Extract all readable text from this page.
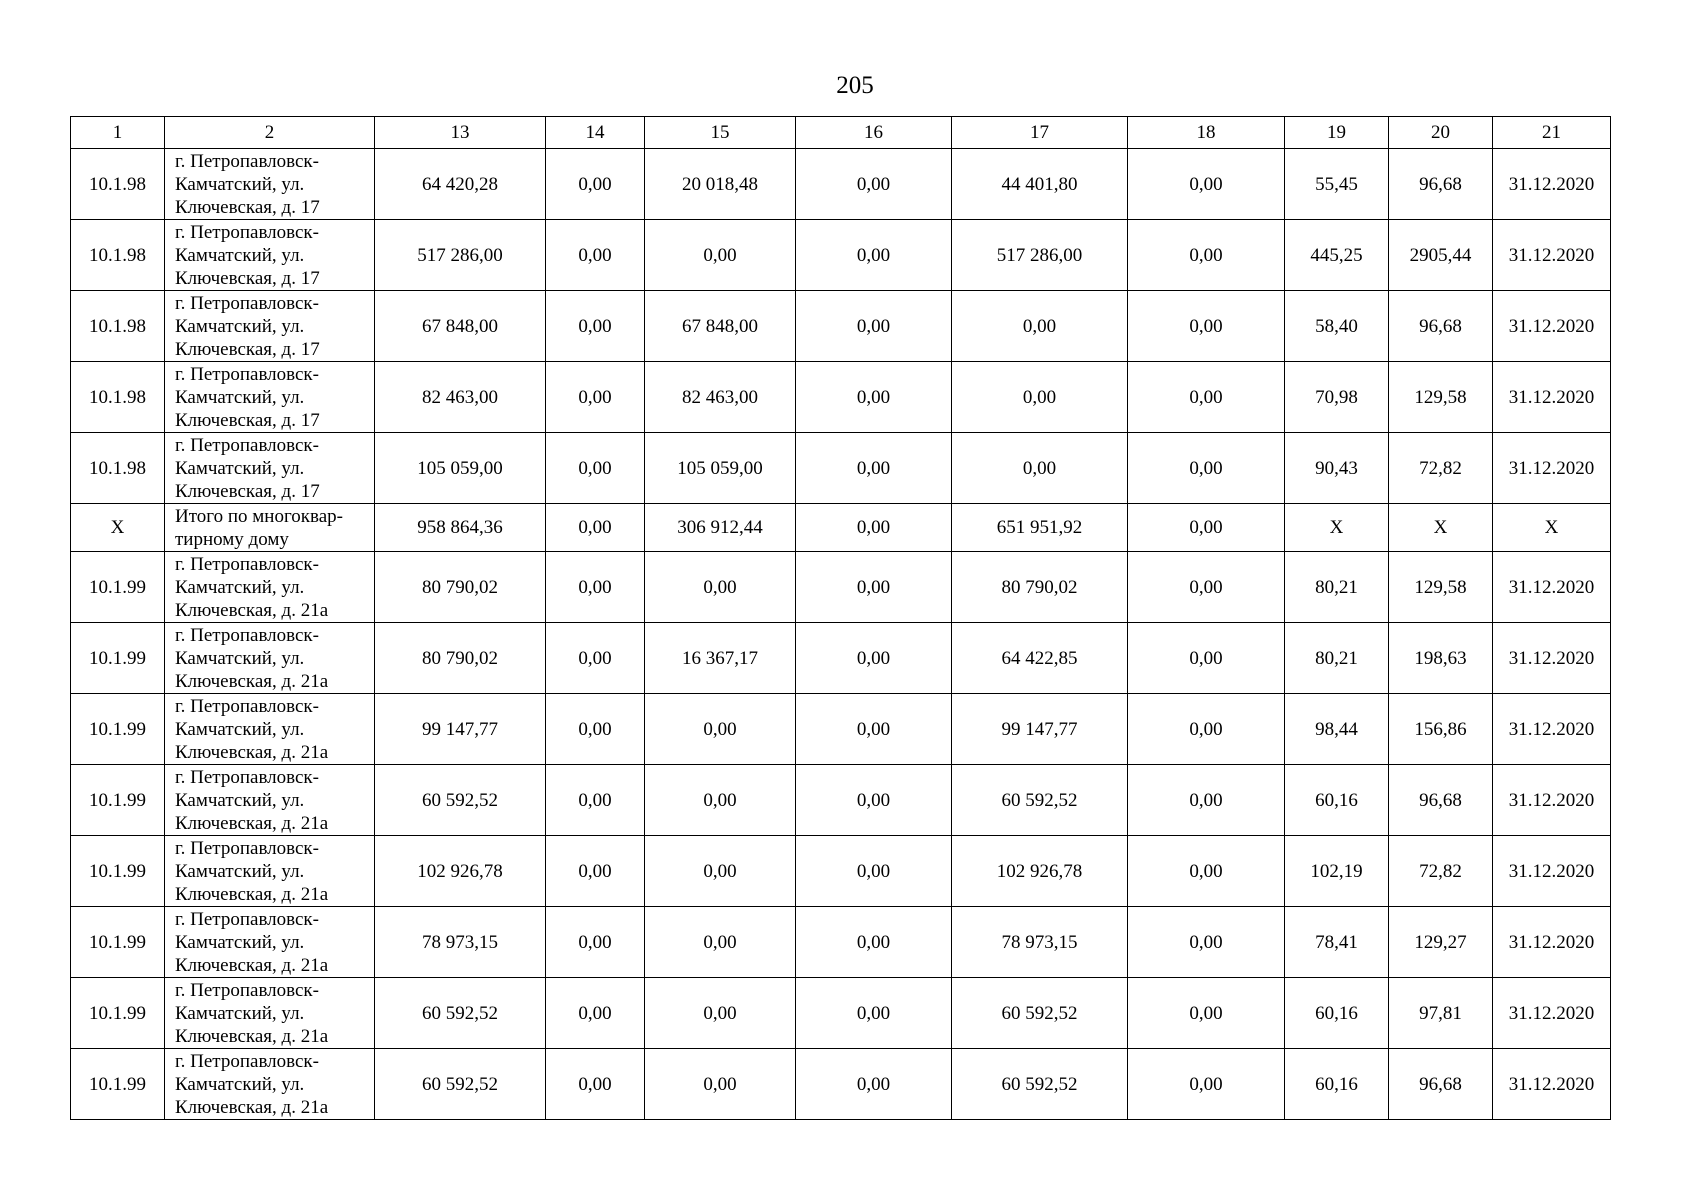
205
1	2	13	14	15	16	17	18	19	20	21
10.1.98	г. Петропавловск-
Камчатский, ул.
Ключевская, д. 17	64 420,28	0,00	20 018,48	0,00	44 401,80	0,00	55,45	96,68	31.12.2020
10.1.98	г. Петропавловск-
Камчатский, ул.
Ключевская, д. 17	517 286,00	0,00	0,00	0,00	517 286,00	0,00	445,25	2905,44	31.12.2020
10.1.98	г. Петропавловск-
Камчатский, ул.
Ключевская, д. 17	67 848,00	0,00	67 848,00	0,00	0,00	0,00	58,40	96,68	31.12.2020
10.1.98	г. Петропавловск-
Камчатский, ул.
Ключевская, д. 17	82 463,00	0,00	82 463,00	0,00	0,00	0,00	70,98	129,58	31.12.2020
10.1.98	г. Петропавловск-
Камчатский, ул.
Ключевская, д. 17	105 059,00	0,00	105 059,00	0,00	0,00	0,00	90,43	72,82	31.12.2020
X	Итого по многоквар-
тирному дому	958 864,36	0,00	306 912,44	0,00	651 951,92	0,00	X	X	X
10.1.99	г. Петропавловск-
Камчатский, ул.
Ключевская, д. 21а	80 790,02	0,00	0,00	0,00	80 790,02	0,00	80,21	129,58	31.12.2020
10.1.99	г. Петропавловск-
Камчатский, ул.
Ключевская, д. 21а	80 790,02	0,00	16 367,17	0,00	64 422,85	0,00	80,21	198,63	31.12.2020
10.1.99	г. Петропавловск-
Камчатский, ул.
Ключевская, д. 21а	99 147,77	0,00	0,00	0,00	99 147,77	0,00	98,44	156,86	31.12.2020
10.1.99	г. Петропавловск-
Камчатский, ул.
Ключевская, д. 21а	60 592,52	0,00	0,00	0,00	60 592,52	0,00	60,16	96,68	31.12.2020
10.1.99	г. Петропавловск-
Камчатский, ул.
Ключевская, д. 21а	102 926,78	0,00	0,00	0,00	102 926,78	0,00	102,19	72,82	31.12.2020
10.1.99	г. Петропавловск-
Камчатский, ул.
Ключевская, д. 21а	78 973,15	0,00	0,00	0,00	78 973,15	0,00	78,41	129,27	31.12.2020
10.1.99	г. Петропавловск-
Камчатский, ул.
Ключевская, д. 21а	60 592,52	0,00	0,00	0,00	60 592,52	0,00	60,16	97,81	31.12.2020
10.1.99	г. Петропавловск-
Камчатский, ул.
Ключевская, д. 21а	60 592,52	0,00	0,00	0,00	60 592,52	0,00	60,16	96,68	31.12.2020
